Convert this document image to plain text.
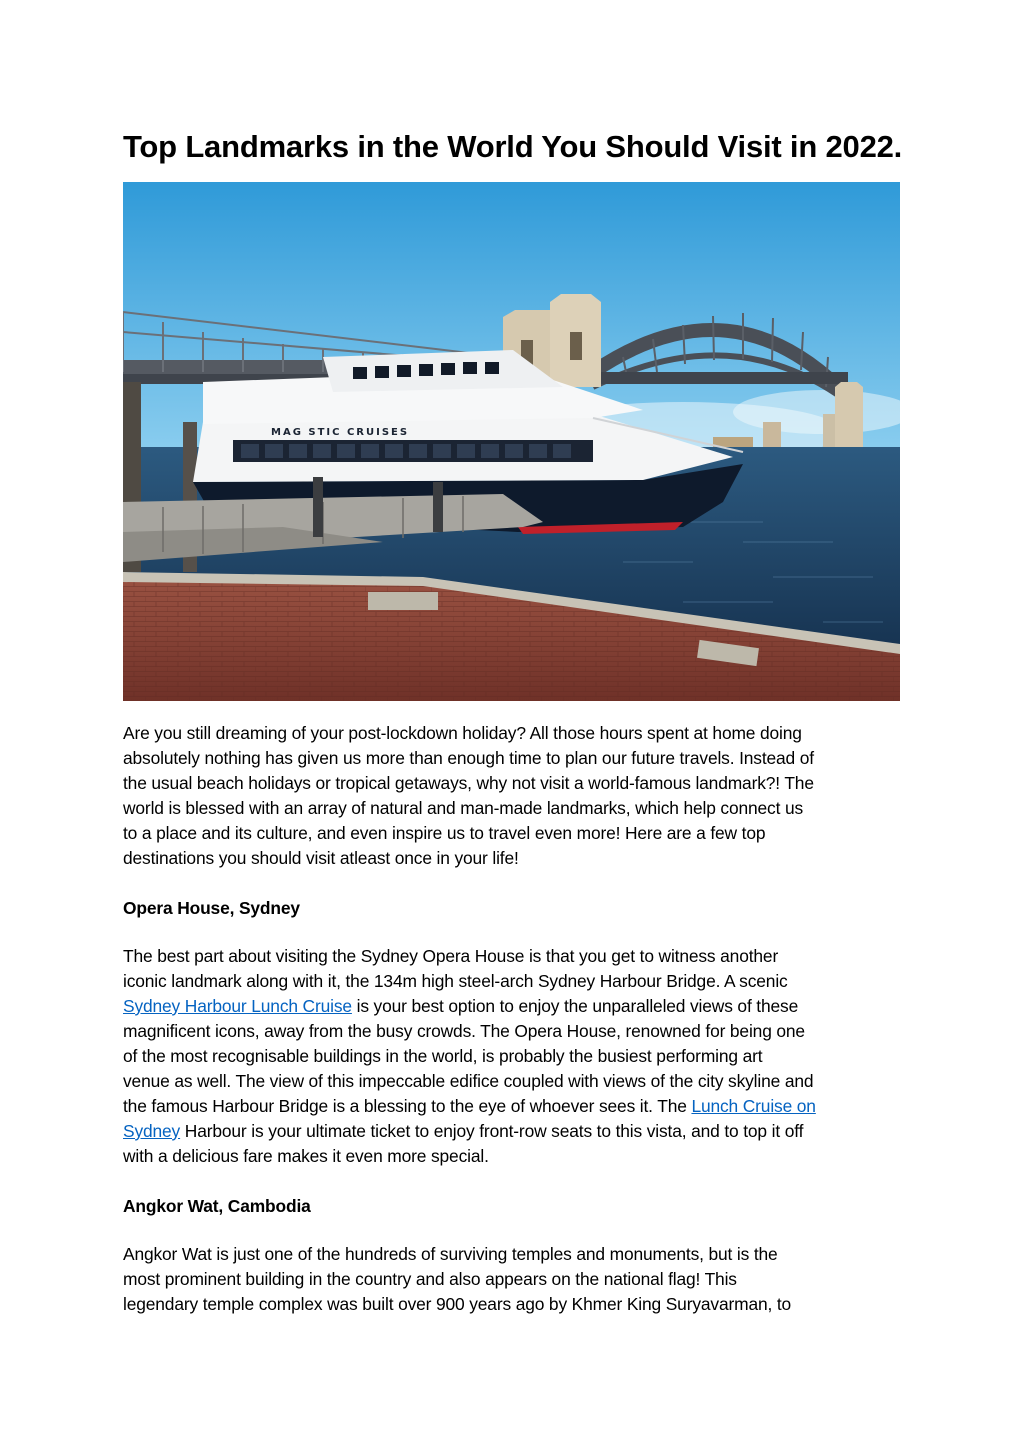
Top Landmarks in the World You Should Visit in 2022.
MAG STIC CRUISES
Are you still dreaming of your post-lockdown holiday? All those hours spent at home doing
absolutely nothing has given us more than enough time to plan our future travels. Instead of
the usual beach holidays or tropical getaways, why not visit a world-famous landmark?! The
world is blessed with an array of natural and man-made landmarks, which help connect us
to a place and its culture, and even inspire us to travel even more! Here are a few top
destinations you should visit atleast once in your life!
Opera House, Sydney
The best part about visiting the Sydney Opera House is that you get to witness another
iconic landmark along with it, the 134m high steel-arch Sydney Harbour Bridge. A scenic
Sydney Harbour Lunch Cruise is your best option to enjoy the unparalleled views of these
magnificent icons, away from the busy crowds. The Opera House, renowned for being one
of the most recognisable buildings in the world, is probably the busiest performing art
venue as well. The view of this impeccable edifice coupled with views of the city skyline and
the famous Harbour Bridge is a blessing to the eye of whoever sees it. The Lunch Cruise on
Sydney Harbour is your ultimate ticket to enjoy front-row seats to this vista, and to top it off
with a delicious fare makes it even more special.
Angkor Wat, Cambodia
Angkor Wat is just one of the hundreds of surviving temples and monuments, but is the
most prominent building in the country and also appears on the national flag! This
legendary temple complex was built over 900 years ago by Khmer King Suryavarman, to
